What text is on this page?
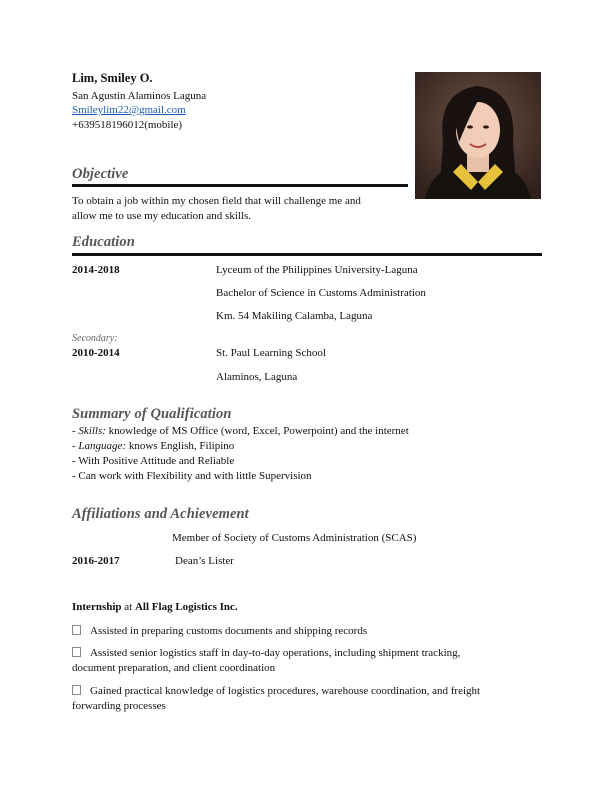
Lim, Smiley O.
San Agustin Alaminos Laguna
Smileylim22@gmail.com
+639518196012(mobile)
Objective
To obtain a job within my chosen field that will challenge me and
allow me to use my education and skills.
Education
2014-2018	Lyceum of the Philippines University-Laguna
Bachelor of Science in Customs Administration
Km. 54 Makiling Calamba, Laguna
Secondary:
2010-2014	St. Paul Learning School
Alaminos, Laguna
Summary of Qualification
- Skills: knowledge of MS Office (word, Excel, Powerpoint) and the internet
- Language: knows English, Filipino
- With Positive Attitude and Reliable
- Can work with Flexibility and with little Supervision
Affiliations and Achievement
Member of Society of Customs Administration (SCAS)
2016-2017	Dean’s Lister
Internship at All Flag Logistics Inc.
Assisted in preparing customs documents and shipping records
Assisted senior logistics staff in day-to-day operations, including shipment tracking,
document preparation, and client coordination
Gained practical knowledge of logistics procedures, warehouse coordination, and freight
forwarding processes
